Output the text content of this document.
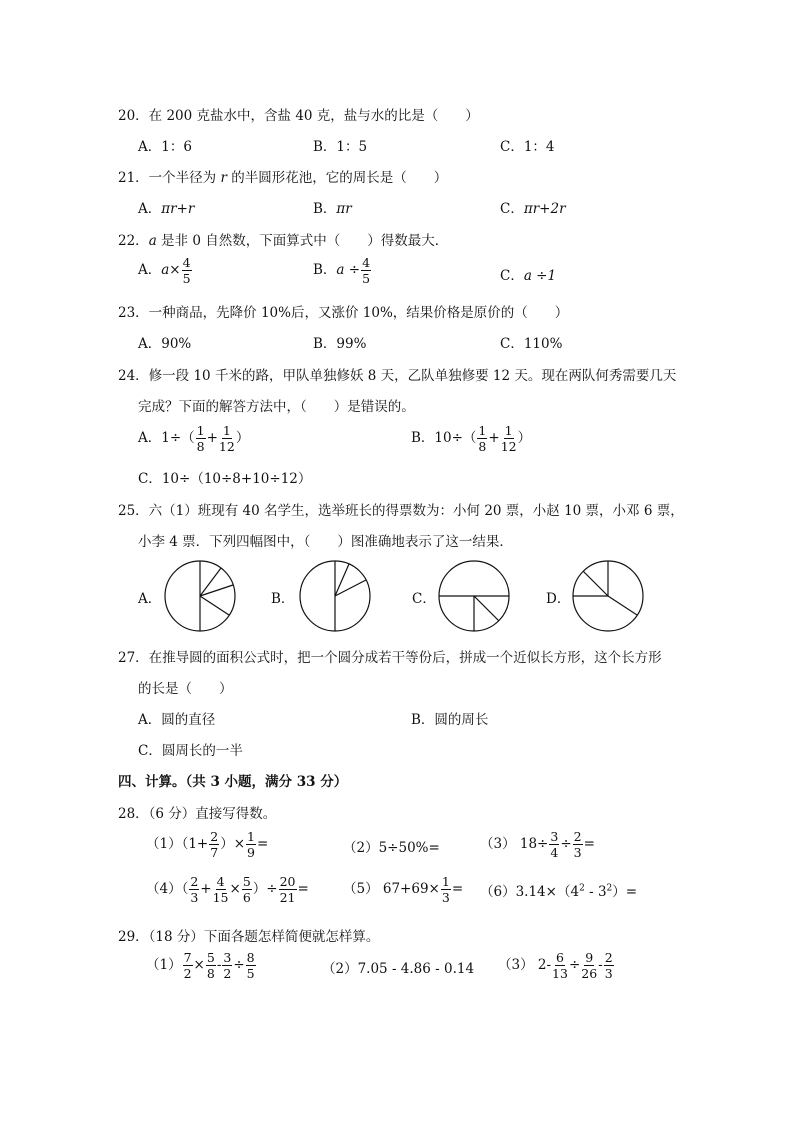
20．在 200 克盐水中，含盐 40 克，盐与水的比是（　　）
A．1：6	B．1：5	C．1：4
21．一个半径为 r 的半圆形花池，它的周长是（　　）
A．πr+r	B．πr	C．πr+2r
22．a 是非 0 自然数，下面算式中（　　）得数最大．
A．$a\times \frac{4}{5}$	B．$a \div \frac{4}{5}$	C．a ÷1
23．一种商品，先降价 10%后，又涨价 10%，结果价格是原价的（　　）
A．90%	B．99%	C．110%
24．修一段 10 千米的路，甲队单独修妖 8 天，乙队单独修要 12 天。现在两队何秀需要几天
完成？下面的解答方法中，（　　）是错误的。
A．$1\div( \frac{1}{8} + \frac{1}{12}$ ）	B．$10\div( \frac{1}{8} + \frac{1}{12}$ ）
C．10÷（10÷8+10÷12）
25．六（1）班现有 40 名学生，选举班长的得票数为：小何 20 票，小赵 10 票，小邓 6 票，
小李 4 票．下列四幅图中，（　　）图准确地表示了这一结果．
A．	B．	C．	D．
27．在推导圆的面积公式时，把一个圆分成若干等份后，拼成一个近似长方形，这个长方形
的长是（　　）
A．圆的直径	B．圆的周长
C．圆周长的一半
四、计算。（共 3 小题，满分 33 分）
28．（6 分）直接写得数。
$(1)(1+ \frac{2}{7}$ ）× $\frac{1}{9}$ =	（2）5÷50%=	（3） $18\div \frac{3}{4} \div \frac{2}{3}$ =
$(4)( \frac{2}{3} + \frac{4}{15} \times \frac{5}{6}$ ）÷ $\frac{20}{21}$ =	（5） $67+69\times \frac{1}{3} = (6)3.14\times(4^2 - 3^2)=$
29．（18 分）下面各题怎样简便就怎样算。
$(1) \frac{7}{2} \times \frac{5}{8} - \frac{3}{2} \div \frac{8}{5}$	（2）7.05 - 4.86 - 0.14 （3） $2- \frac{6}{13} \div \frac{9}{26} - \frac{2}{3}$
